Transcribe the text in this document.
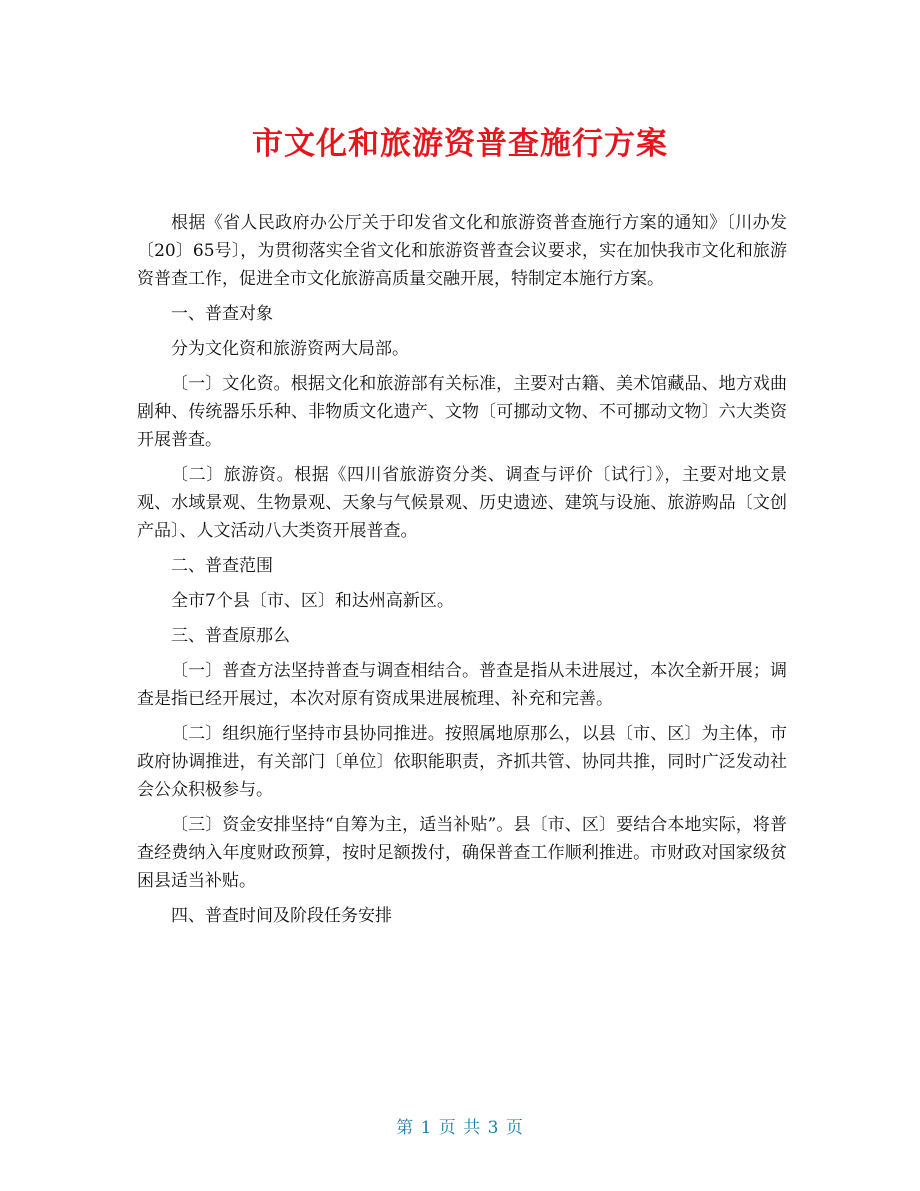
市文化和旅游资普查施行方案

根据《省人民政府办公厅关于印发省文化和旅游资普查施行方案的通知》〔川办发〔20〕65号〕，为贯彻落实全省文化和旅游资普查会议要求，实在加快我市文化和旅游资普查工作，促进全市文化旅游高质量交融开展，特制定本施行方案。

一、普查对象

分为文化资和旅游资两大局部。

〔一〕文化资。根据文化和旅游部有关标准，主要对古籍、美术馆藏品、地方戏曲剧种、传统器乐乐种、非物质文化遗产、文物〔可挪动文物、不可挪动文物〕六大类资开展普查。

〔二〕旅游资。根据《四川省旅游资分类、调查与评价〔试行〕》，主要对地文景观、水域景观、生物景观、天象与气候景观、历史遗迹、建筑与设施、旅游购品〔文创产品〕、人文活动八大类资开展普查。

二、普查范围

全市7个县〔市、区〕和达州高新区。

三、普查原那么

〔一〕普查方法坚持普查与调查相结合。普查是指从未进展过，本次全新开展；调查是指已经开展过，本次对原有资成果进展梳理、补充和完善。

〔二〕组织施行坚持市县协同推进。按照属地原那么，以县〔市、区〕为主体，市政府协调推进，有关部门〔单位〕依职能职责，齐抓共管、协同共推，同时广泛发动社会公众积极参与。

〔三〕资金安排坚持“自筹为主，适当补贴”。县〔市、区〕要结合本地实际，将普查经费纳入年度财政预算，按时足额拨付，确保普查工作顺利推进。市财政对国家级贫困县适当补贴。

四、普查时间及阶段任务安排

第 1 页 共 3 页
